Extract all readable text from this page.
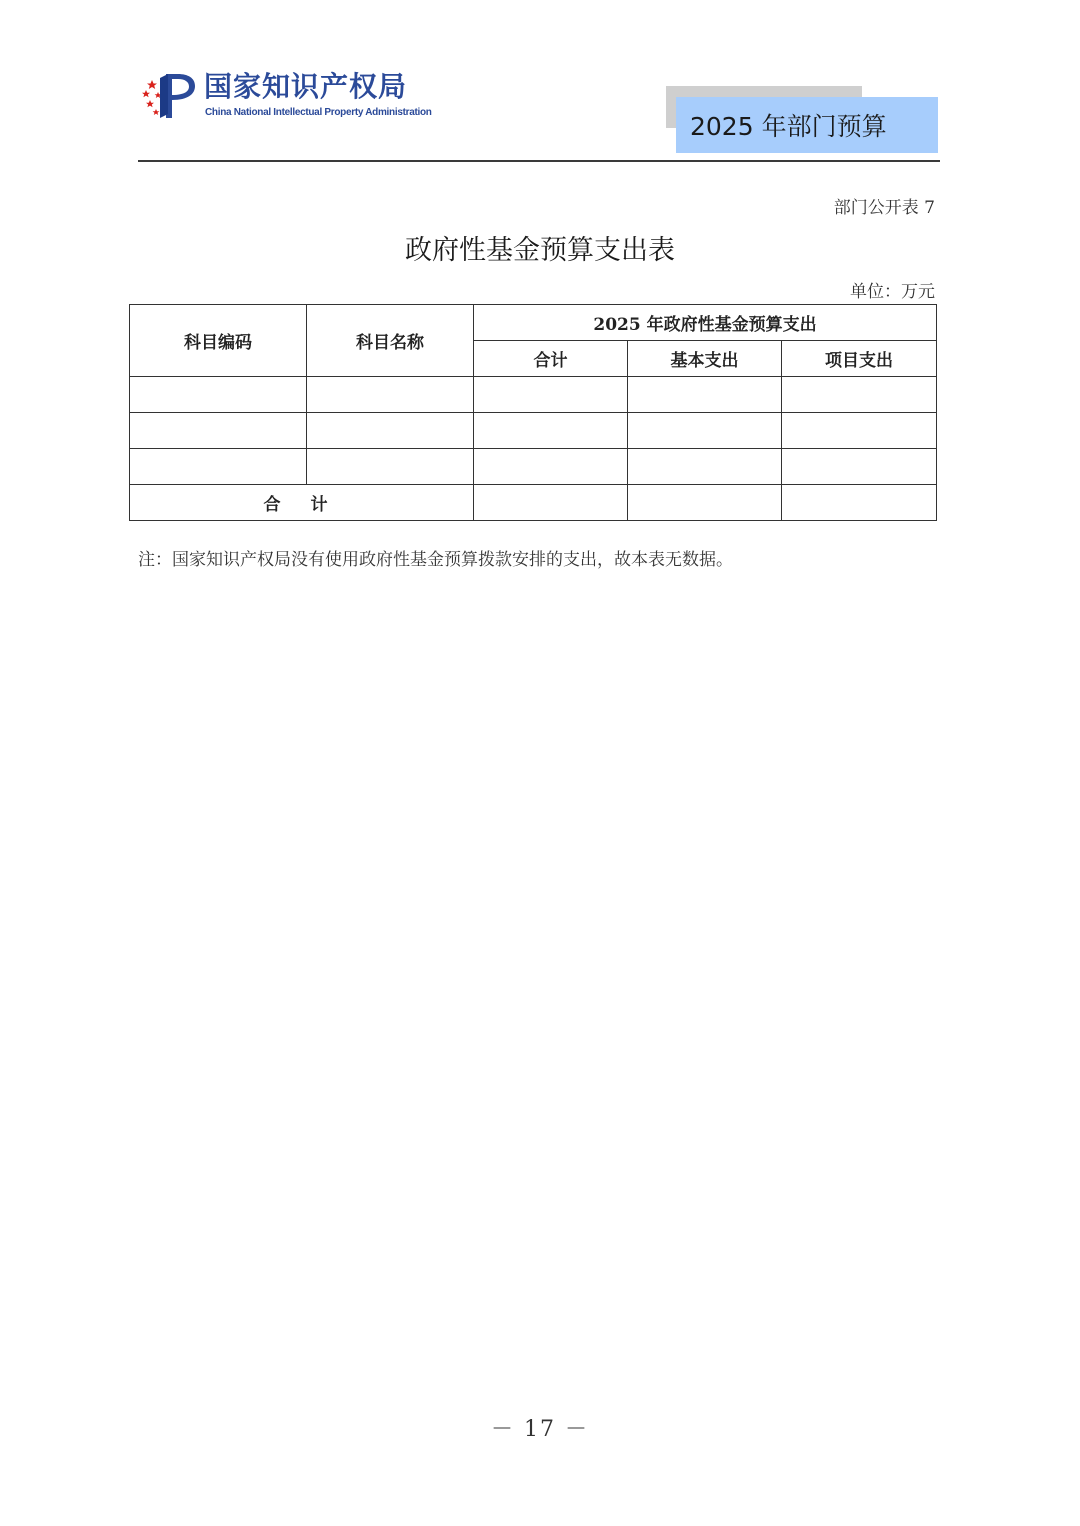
国家知识产权局
China National Intellectual Property Administration	2025 年部门预算
部门公开表 7
政府性基金预算支出表
单位：万元
科目编码	科目名称	2025 年政府性基金预算支出		
		合计	基本支出	项目支出

合 计				
注：国家知识产权局没有使用政府性基金预算拨款安排的支出，故本表无数据。
－ 17 －
